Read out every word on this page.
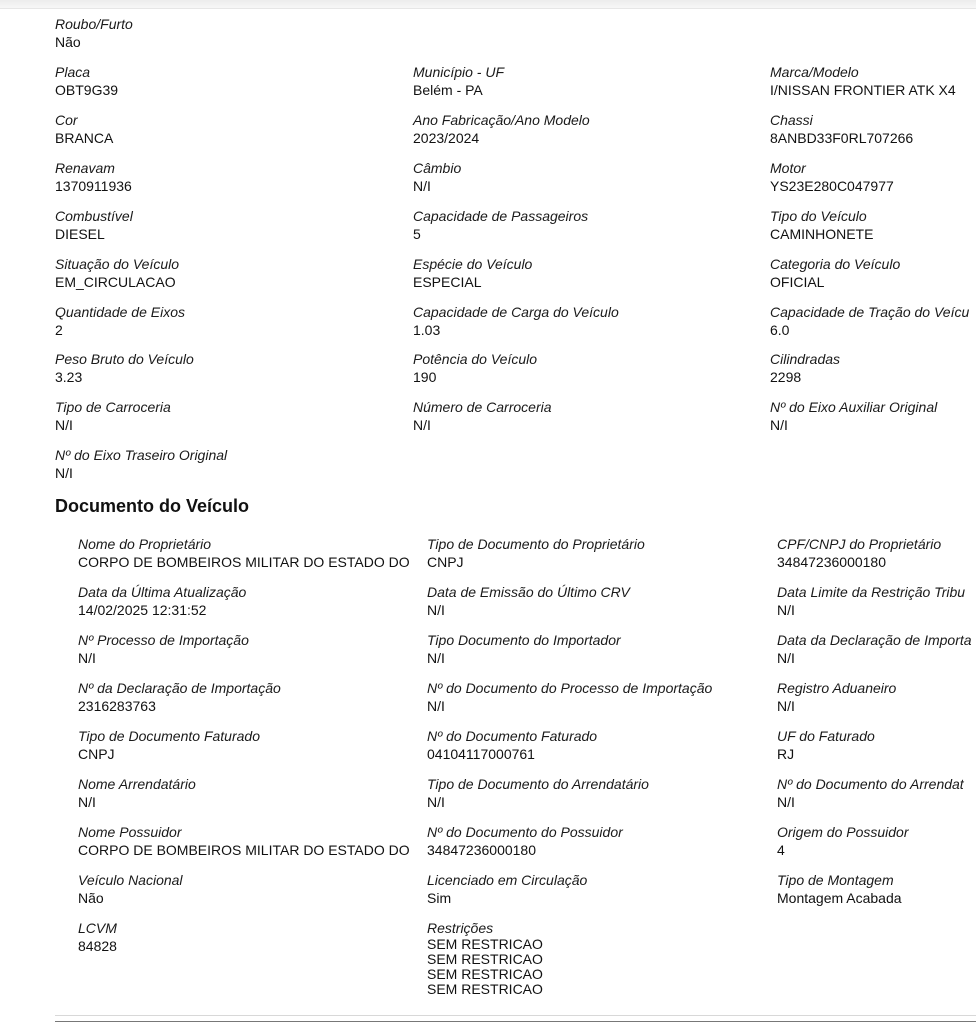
Roubo/Furto
Não
Placa
OBT9G39
Município - UF
Belém - PA
Marca/Modelo
I/NISSAN FRONTIER ATK X4
Cor
BRANCA
Ano Fabricação/Ano Modelo
2023/2024
Chassi
8ANBD33F0RL707266
Renavam
1370911936
Câmbio
N/I
Motor
YS23E280C047977
Combustível
DIESEL
Capacidade de Passageiros
5
Tipo do Veículo
CAMINHONETE
Situação do Veículo
EM_CIRCULACAO
Espécie do Veículo
ESPECIAL
Categoria do Veículo
OFICIAL
Quantidade de Eixos
2
Capacidade de Carga do Veículo
1.03
Capacidade de Tração do Veícu
6.0
Peso Bruto do Veículo
3.23
Potência do Veículo
190
Cilindradas
2298
Tipo de Carroceria
N/I
Número de Carroceria
N/I
Nº do Eixo Auxiliar Original
N/I
Nº do Eixo Traseiro Original
N/I
Documento do Veículo
Nome do Proprietário
CORPO DE BOMBEIROS MILITAR DO ESTADO DO
Tipo de Documento do Proprietário
CNPJ
CPF/CNPJ do Proprietário
34847236000180
Data da Última Atualização
14/02/2025 12:31:52
Data de Emissão do Último CRV
N/I
Data Limite da Restrição Tribu
N/I
Nº Processo de Importação
N/I
Tipo Documento do Importador
N/I
Data da Declaração de Importa
N/I
Nº da Declaração de Importação
2316283763
Nº do Documento do Processo de Importação
N/I
Registro Aduaneiro
N/I
Tipo de Documento Faturado
CNPJ
Nº do Documento Faturado
04104117000761
UF do Faturado
RJ
Nome Arrendatário
N/I
Tipo de Documento do Arrendatário
N/I
Nº do Documento do Arrendat
N/I
Nome Possuidor
CORPO DE BOMBEIROS MILITAR DO ESTADO DO
Nº do Documento do Possuidor
34847236000180
Origem do Possuidor
4
Veículo Nacional
Não
Licenciado em Circulação
Sim
Tipo de Montagem
Montagem Acabada
LCVM
84828
Restrições
SEM RESTRICAO
SEM RESTRICAO
SEM RESTRICAO
SEM RESTRICAO
